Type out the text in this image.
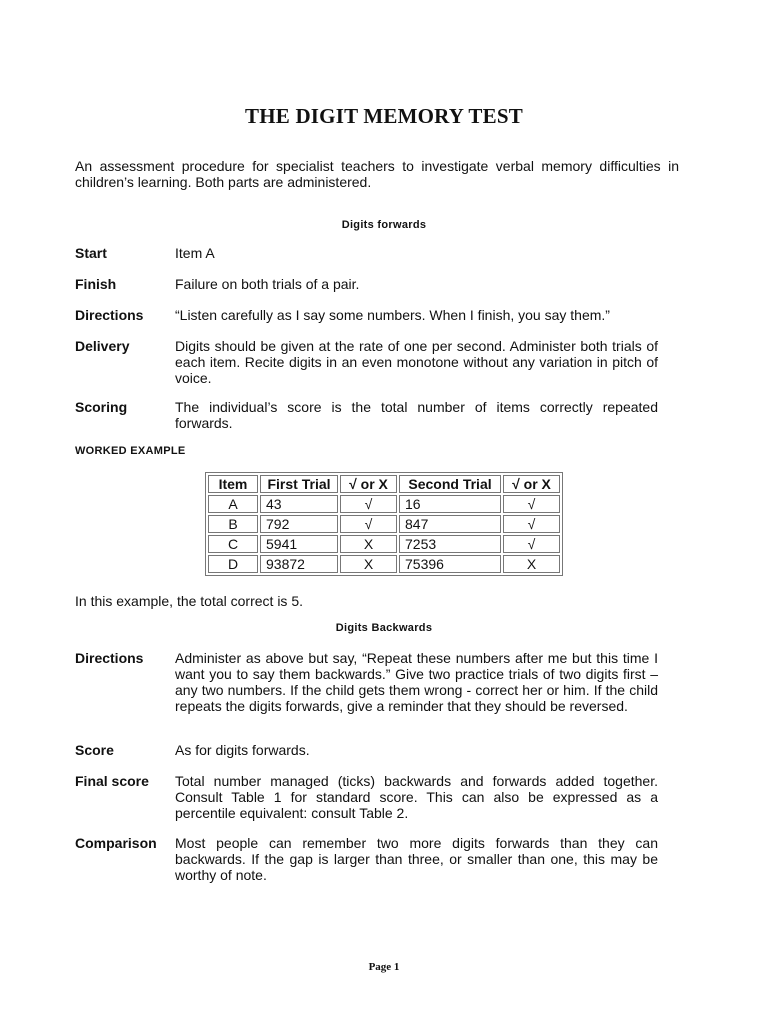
THE DIGIT MEMORY TEST
An assessment procedure for specialist teachers to investigate verbal memory difficulties in children’s learning. Both parts are administered.
Digits forwards
Start	Item A
Finish	Failure on both trials of a pair.
Directions “Listen carefully as I say some numbers. When I finish, you say them.”
Delivery	Digits should be given at the rate of one per second. Administer both trials of each item. Recite digits in an even monotone without any variation in pitch of voice.
Scoring	The individual’s score is the total number of items correctly repeated forwards.
WORKED EXAMPLE
Item	First Trial	√ or X	Second Trial	√ or X
A	43	√	16	√
B	792	√	847	√
C	5941	X	7253	√
D	93872	X	75396	X
In this example, the total correct is 5.
Digits Backwards
Directions Administer as above but say, “Repeat these numbers after me but this time I want you to say them backwards.” Give two practice trials of two digits first – any two numbers. If the child gets them wrong - correct her or him. If the child repeats the digits forwards, give a reminder that they should be reversed.
Score	As for digits forwards.
Final score Total number managed (ticks) backwards and forwards added together. Consult Table 1 for standard score. This can also be expressed as a percentile equivalent: consult Table 2.
Comparison Most people can remember two more digits forwards than they can backwards. If the gap is larger than three, or smaller than one, this may be worthy of note.
Page 1
